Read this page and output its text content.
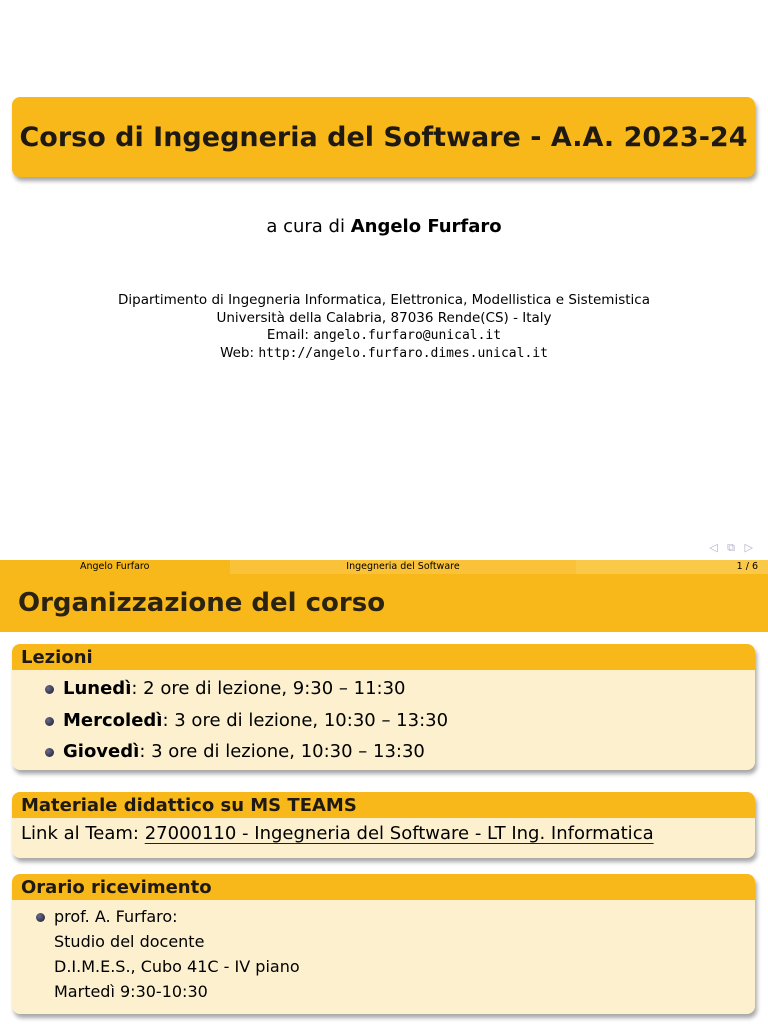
Corso di Ingegneria del Software - A.A. 2023-24
a cura di Angelo Furfaro
Dipartimento di Ingegneria Informatica, Elettronica, Modellistica e Sistemistica
Università della Calabria, 87036 Rende(CS) - Italy
Email: angelo.furfaro@unical.it
Web: http://angelo.furfaro.dimes.unical.it
◁ ⧉ ▷
Angelo Furfaro	Ingegneria del Software	1 / 6
Organizzazione del corso
Lezioni
Lunedì: 2 ore di lezione, 9:30 – 11:30
Mercoledì: 3 ore di lezione, 10:30 – 13:30
Giovedì: 3 ore di lezione, 10:30 – 13:30
Materiale didattico su MS TEAMS
Link al Team: 27000110 - Ingegneria del Software - LT Ing. Informatica
Orario ricevimento
prof. A. Furfaro:
Studio del docente
D.I.M.E.S., Cubo 41C - IV piano
Martedì 9:30-10:30
